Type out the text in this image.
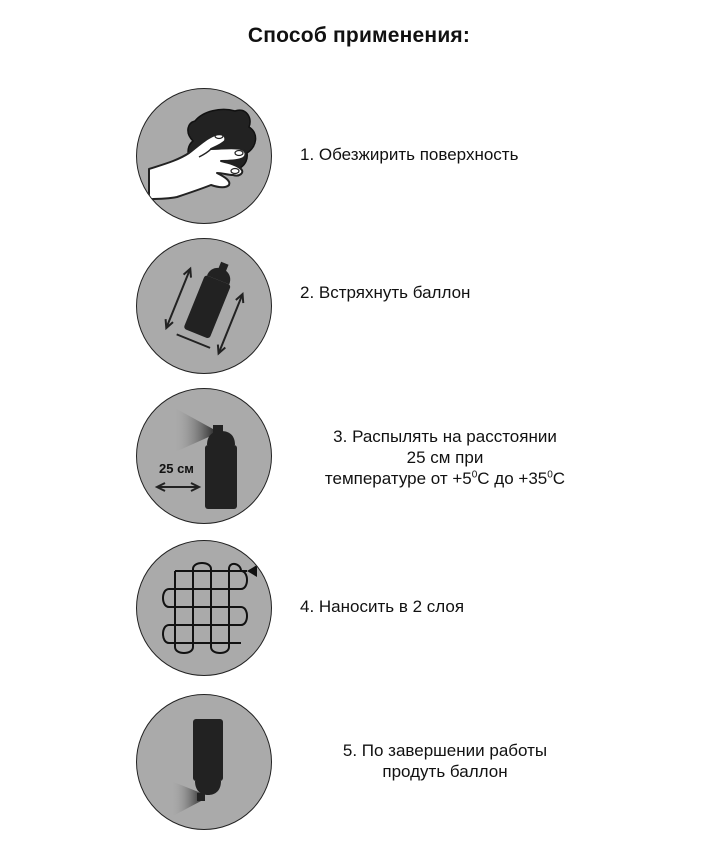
Способ применения:
1. Обезжирить поверхность
2. Встряхнуть баллон
25 см
3. Распылять на расстоянии
25 см при
температуре от $+5^0С$ до $+35^0С$
4. Наносить в 2 слоя
5. По завершении работы
продуть баллон
